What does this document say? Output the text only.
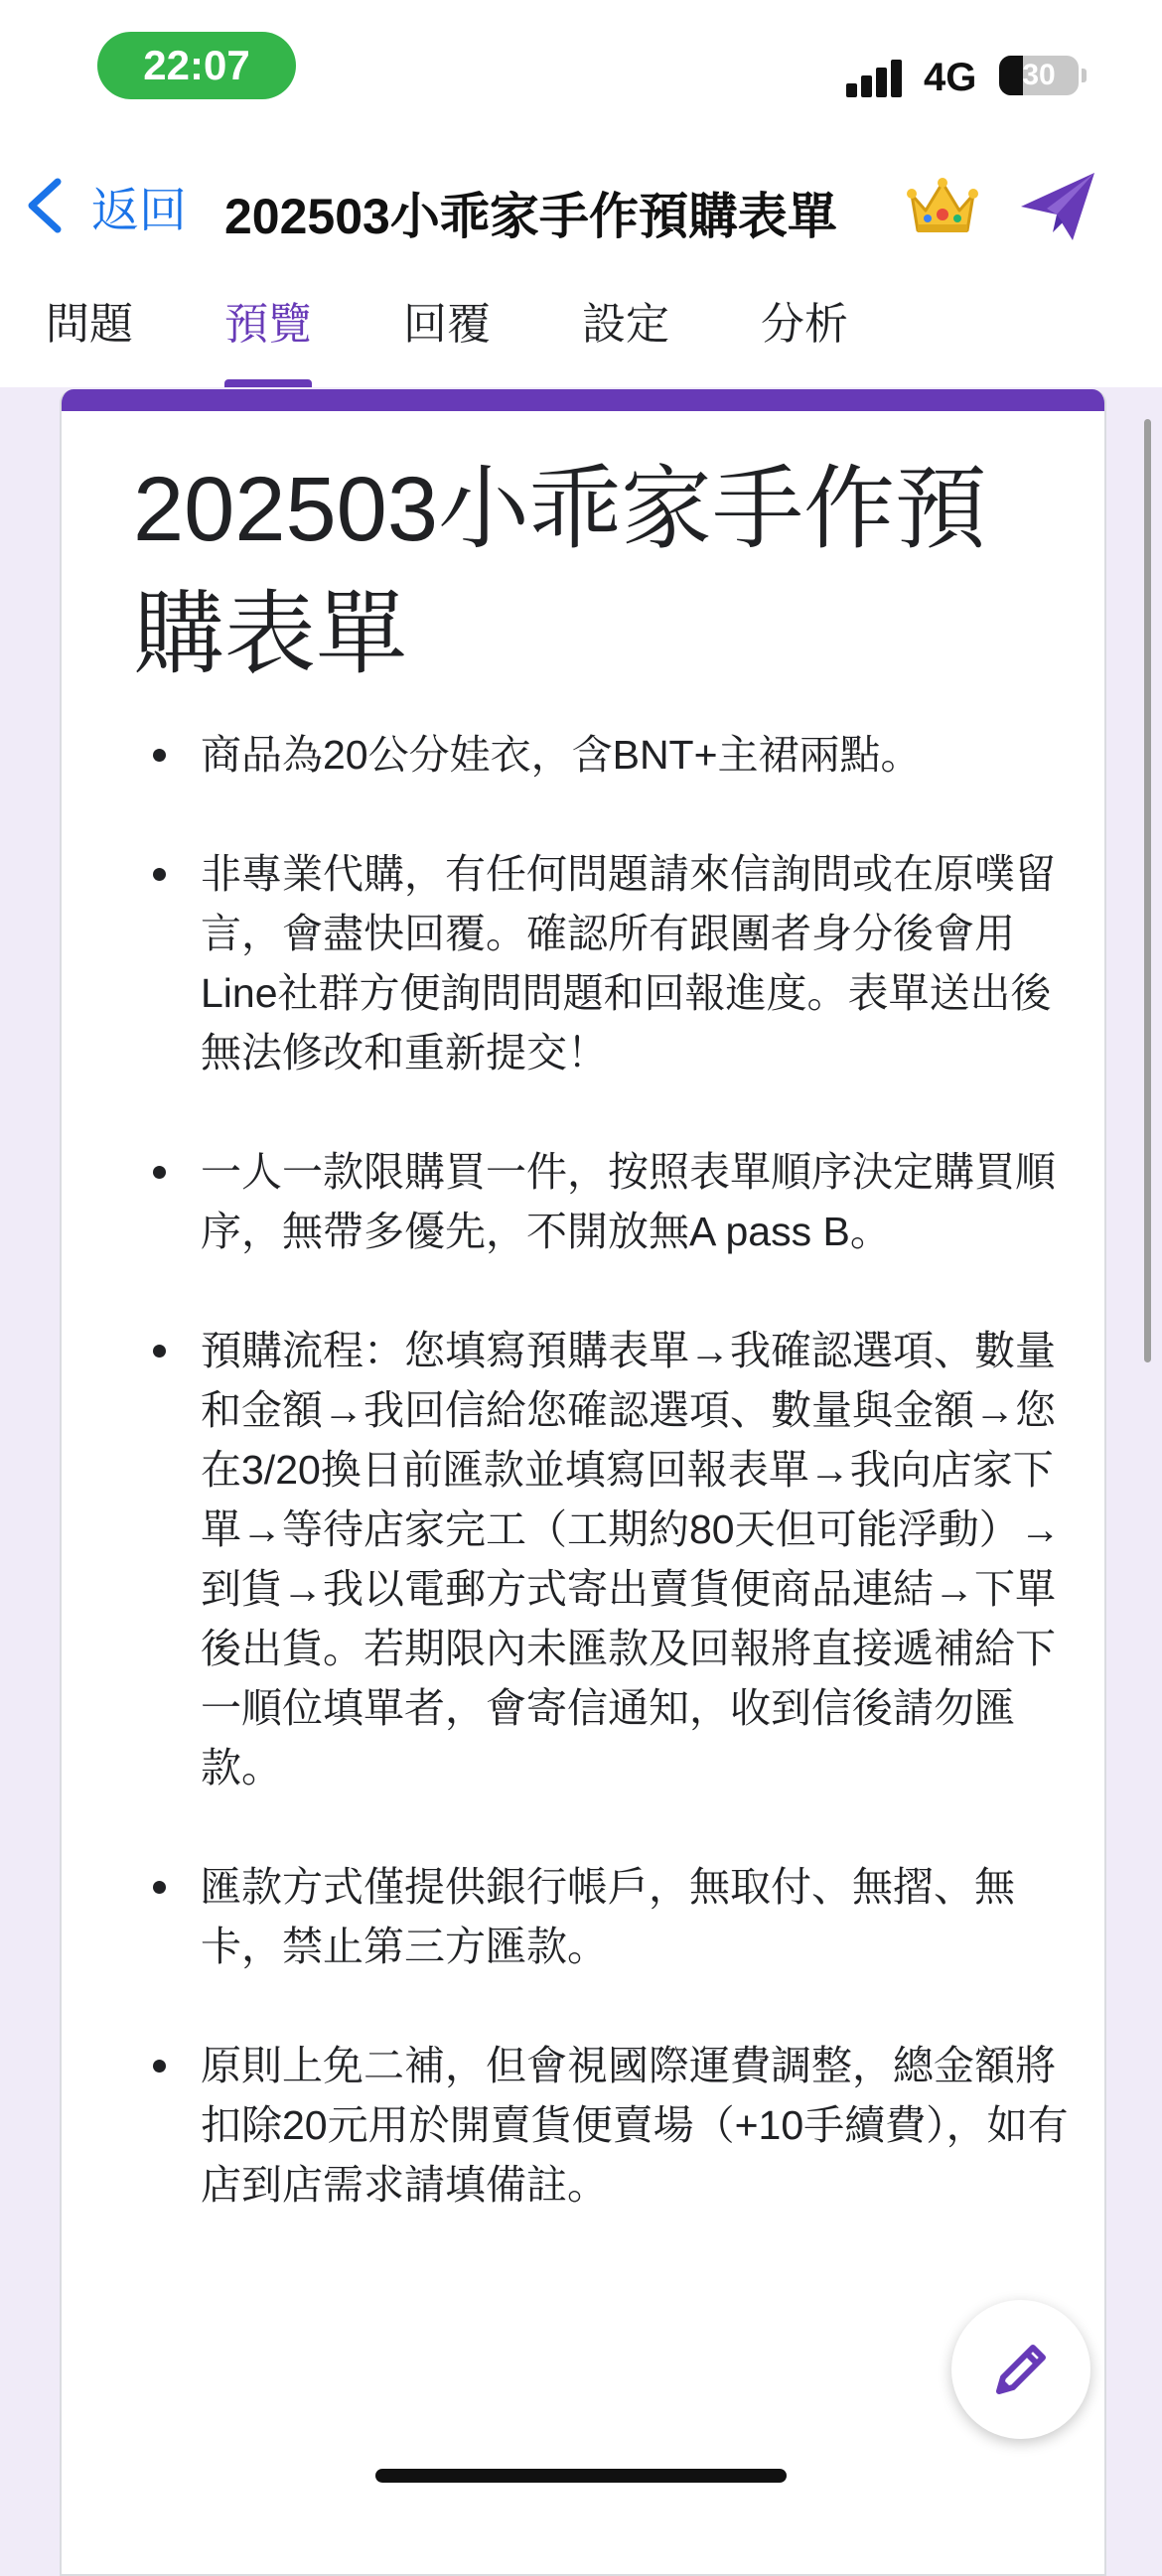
22:07	4G	30
返回 202503小乖家手作預購表單
問題 預覽 回覆 設定 分析
202503小乖家手作預購表單
商品為20公分娃衣，含BNT+主裙兩點。
非專業代購，有任何問題請來信詢問或在原噗留言，會盡快回覆。確認所有跟團者身分後會用Line社群方便詢問問題和回報進度。表單送出後無法修改和重新提交！
一人一款限購買一件，按照表單順序決定購買順序，無帶多優先，不開放無A pass B。
預購流程：您填寫預購表單→我確認選項、數量和金額→我回信給您確認選項、數量與金額→您在3/20換日前匯款並填寫回報表單→我向店家下單→等待店家完工（工期約80天但可能浮動）→到貨→我以電郵方式寄出賣貨便商品連結→下單後出貨。若期限內未匯款及回報將直接遞補給下一順位填單者，會寄信通知，收到信後請勿匯款。
匯款方式僅提供銀行帳戶，無取付、無摺、無卡，禁止第三方匯款。
原則上免二補，但會視國際運費調整，總金額將扣除20元用於開賣貨便賣場（+10手續費），如有店到店需求請填備註。
